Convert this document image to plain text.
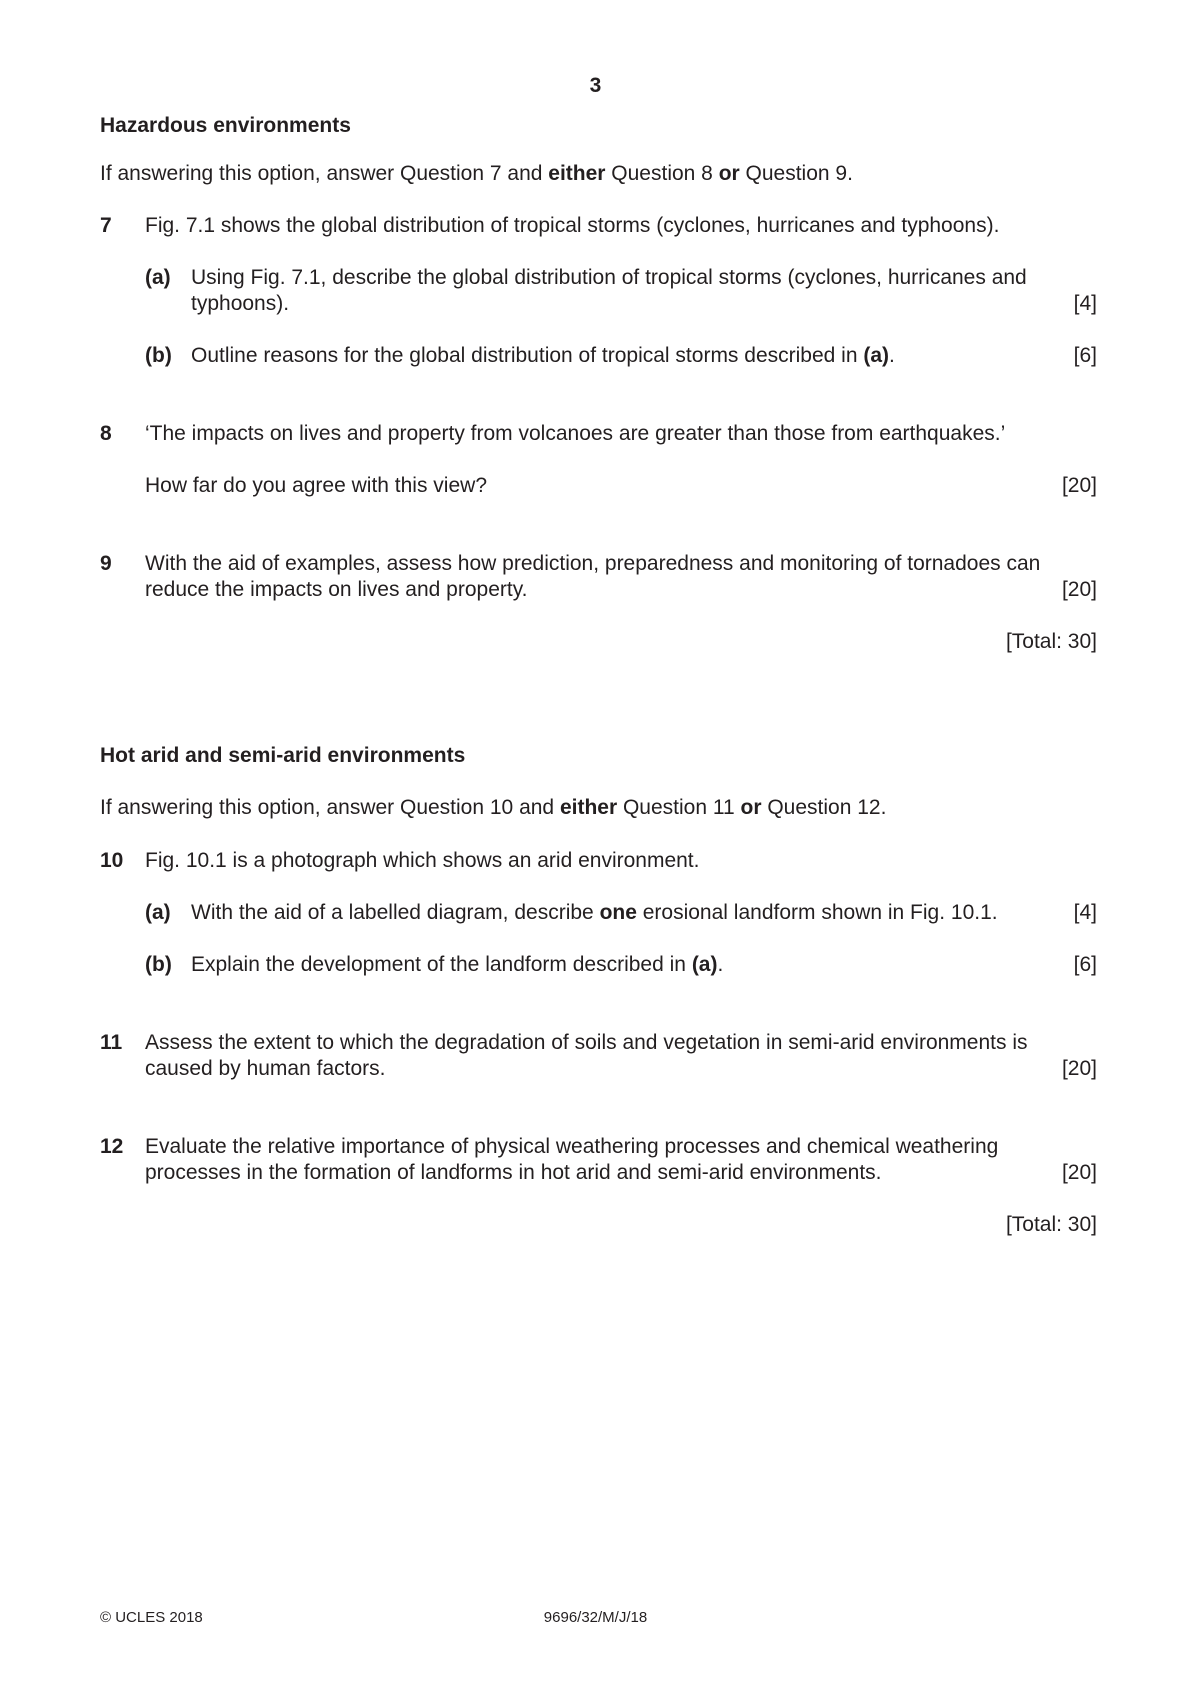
3
Hazardous environments
If answering this option, answer Question 7 and either Question 8 or Question 9.
7 Fig. 7.1 shows the global distribution of tropical storms (cyclones, hurricanes and typhoons).
(a) Using Fig. 7.1, describe the global distribution of tropical storms (cyclones, hurricanes and
typhoons).	[4]
(b) Outline reasons for the global distribution of tropical storms described in (a).	[6]
8 ‘The impacts on lives and property from volcanoes are greater than those from earthquakes.’
How far do you agree with this view?	[20]
9 With the aid of examples, assess how prediction, preparedness and monitoring of tornadoes can
reduce the impacts on lives and property.	[20]
[Total: 30]
Hot arid and semi-arid environments
If answering this option, answer Question 10 and either Question 11 or Question 12.
10 Fig. 10.1 is a photograph which shows an arid environment.
(a) With the aid of a labelled diagram, describe one erosional landform shown in Fig. 10.1.	[4]
(b) Explain the development of the landform described in (a).	[6]
11 Assess the extent to which the degradation of soils and vegetation in semi-arid environments is
caused by human factors.	[20]
12 Evaluate the relative importance of physical weathering processes and chemical weathering
processes in the formation of landforms in hot arid and semi-arid environments.	[20]
[Total: 30]
© UCLES 2018	9696/32/M/J/18
